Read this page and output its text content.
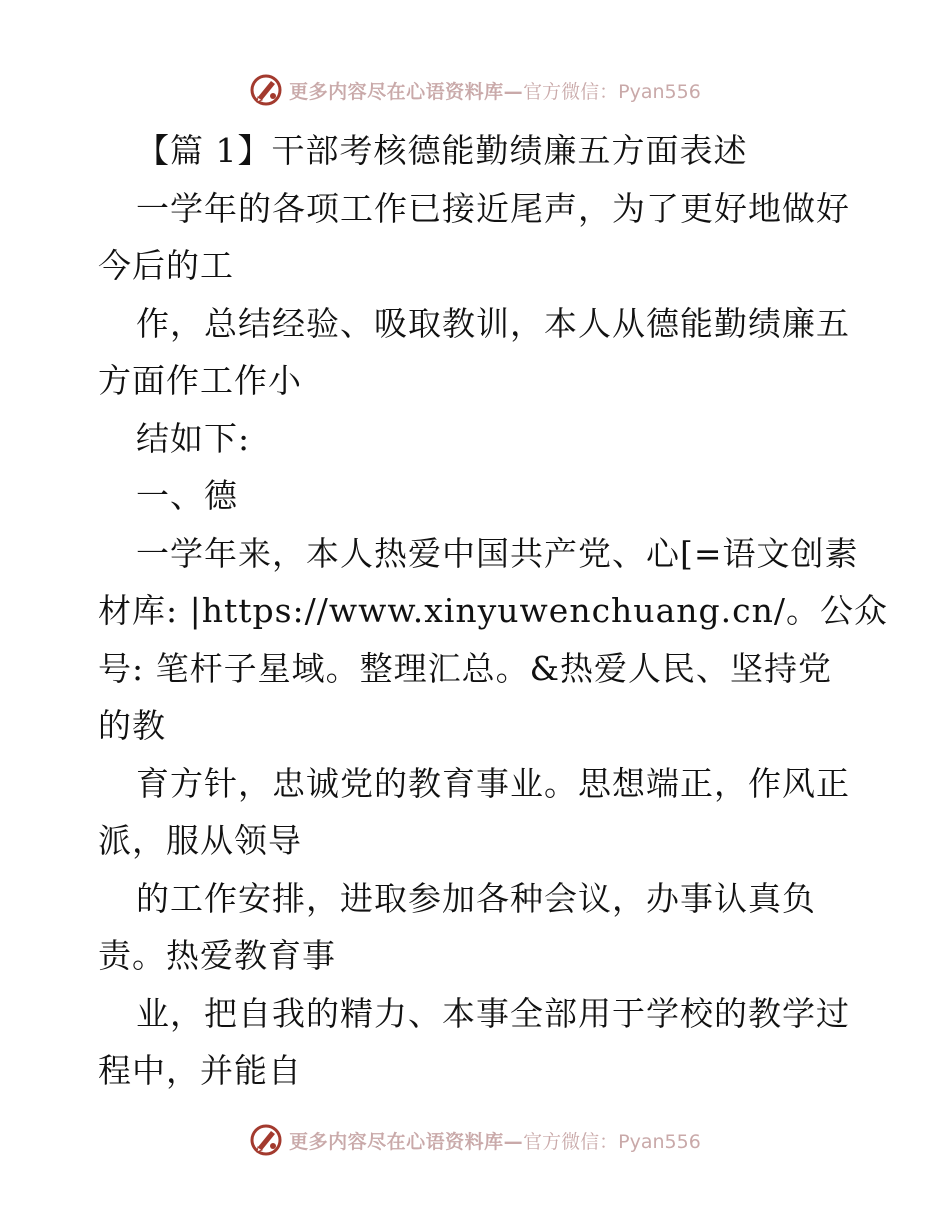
更多内容尽在心语资料库— 官方微信：Pyan556
【篇 1】干部考核德能勤绩廉五方面表述
一学年的各项工作已接近尾声，为了更好地做好
今后的工
作，总结经验、吸取教训，本人从德能勤绩廉五
方面作工作小
结如下:
一、德
一学年来，本人热爱中国共产党、心[=语文创素
材库: |https://www.xinyuwenchuang.cn/。公众
号: 笔杆子星域。整理汇总。&热爱人民、坚持党
的教
育方针，忠诚党的教育事业。思想端正，作风正
派，服从领导
的工作安排，进取参加各种会议，办事认真负
责。热爱教育事
业，把自我的精力、本事全部用于学校的教学过
程中，并能自
更多内容尽在心语资料库— 官方微信：Pyan556
